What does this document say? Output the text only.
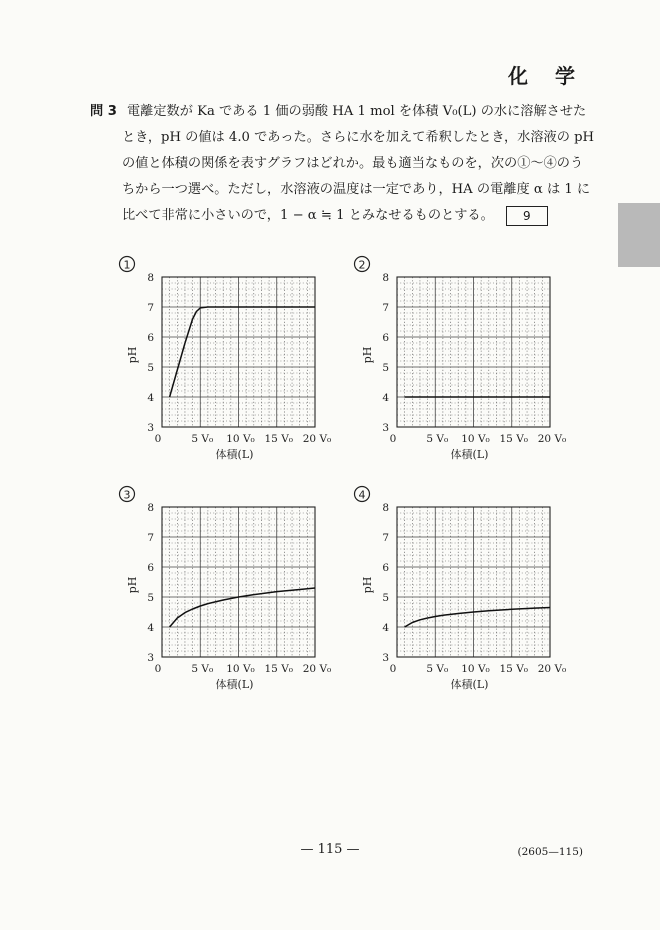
化 学
問 3 電離定数が Ka である 1 価の弱酸 HA 1 mol を体積 V₀(L) の水に溶解させた
とき，pH の値は 4.0 であった。さらに水を加えて希釈したとき，水溶液の pH
の値と体積の関係を表すグラフはどれか。最も適当なものを，次の①〜④のう
ちから一つ選べ。ただし，水溶液の温度は一定であり，HA の電離度 α は 1 に
比べて非常に小さいので，1 − α ≒ 1 とみなせるものとする。 9
1
3
4
5
6
7
8
0	5 V₀ 10 V₀ 15 V₀ 20 V₀
pH
体積(L)
2
3
4
5
6
7
8
0	5 V₀ 10 V₀ 15 V₀ 20 V₀
pH
体積(L)
3
3
4
5
6
7
8
0	5 V₀ 10 V₀ 15 V₀ 20 V₀
pH
体積(L)
4
3
4
5
6
7
8
0	5 V₀ 10 V₀ 15 V₀ 20 V₀
pH
体積(L)
— 115 —	(2605—115)
